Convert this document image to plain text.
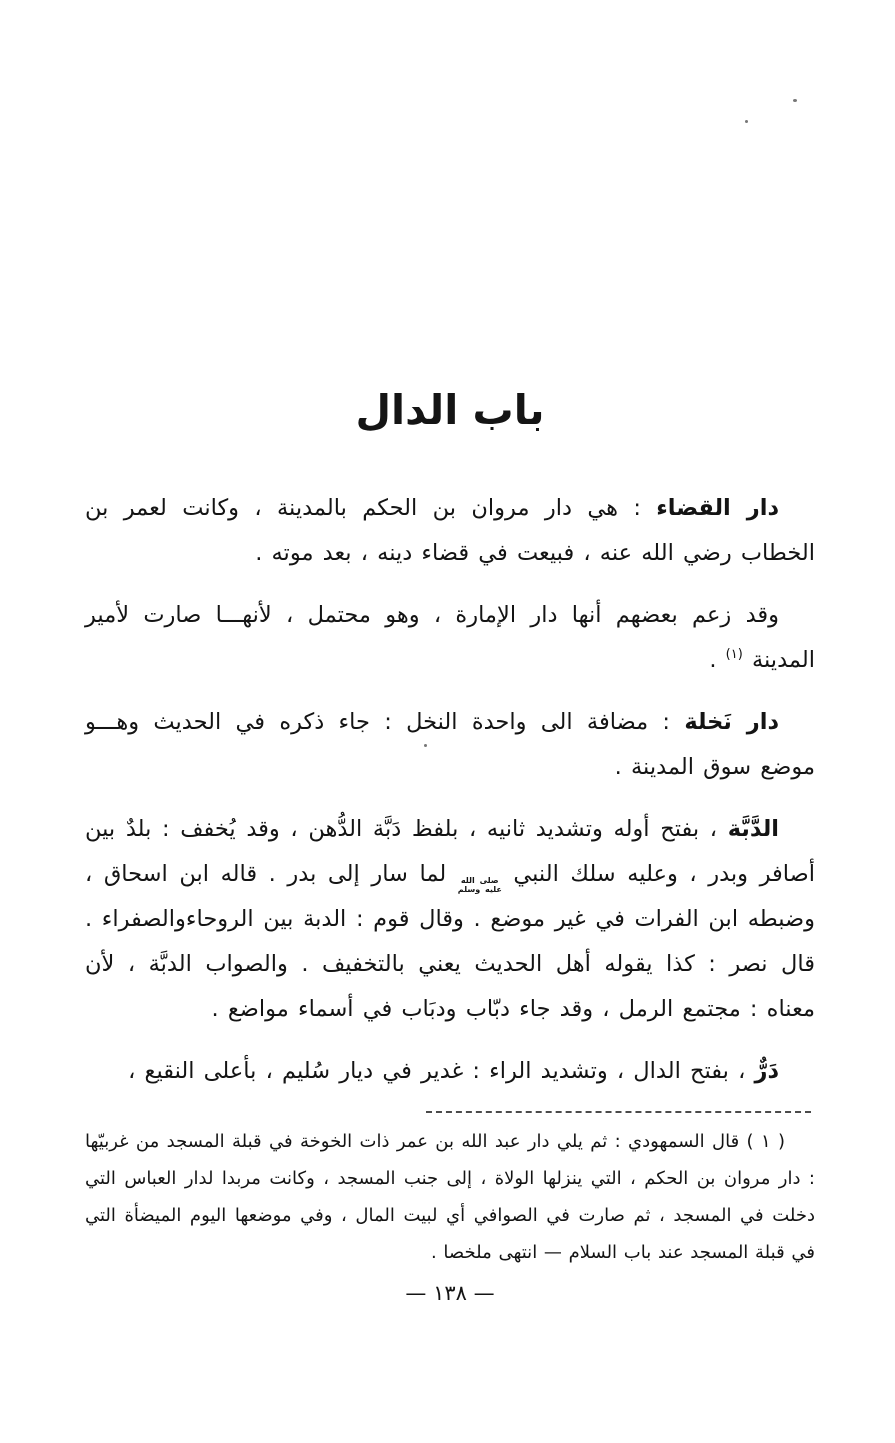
باب الدال

دار القضاء : هي دار مروان بن الحكم بالمدينة ، وكانت لعمر بن الخطاب رضي الله عنه ، فبيعت في قضاء دينه ، بعد موته .

وقد زعم بعضهم أنها دار الإمارة ، وهو محتمل ، لأنهـــا صارت لأمير المدينة $^{(١)}$ .

دار نَخلة : مضافة الى واحدة النخل : جاء ذكره في الحديث وهـــو موضع سوق المدينة .

الدَّبَّة ، بفتح أوله وتشديد ثانيه ، بلفظ دَبَّة الدُّهن ، وقد يُخفف : بلدٌ بين أصافر وبدر ، وعليه سلك النبي
صلى الله
عليه وسلم
لما سار إلى بدر . قاله ابن اسحاق ، وضبطه ابن الفرات في غير موضع . وقال قوم : الدبة بين الروحاءوالصفراء . قال نصر : كذا يقوله أهل الحديث يعني بالتخفيف . والصواب الدبَّة ، لأن معناه : مجتمع الرمل ، وقد جاء دبّاب ودبَاب في أسماء مواضع .

دَرٌّ ، بفتح الدال ، وتشديد الراء : غدير في ديار سُليم ، بأعلى النقيع ،

( ١ ) قال السمهودي : ثم يلي دار عبد الله بن عمر ذات الخوخة في قبلة المسجد من غربيّها : دار مروان بن الحكم ، التي ينزلها الولاة ، إلى جنب المسجد ، وكانت مربدا لدار العباس التي دخلت في المسجد ، ثم صارت في الصوافي أي لبيت المال ، وفي موضعها اليوم الميضأة التي في قبلة المسجد عند باب السلام — انتهى ملخصا .

— ١٣٨ —
